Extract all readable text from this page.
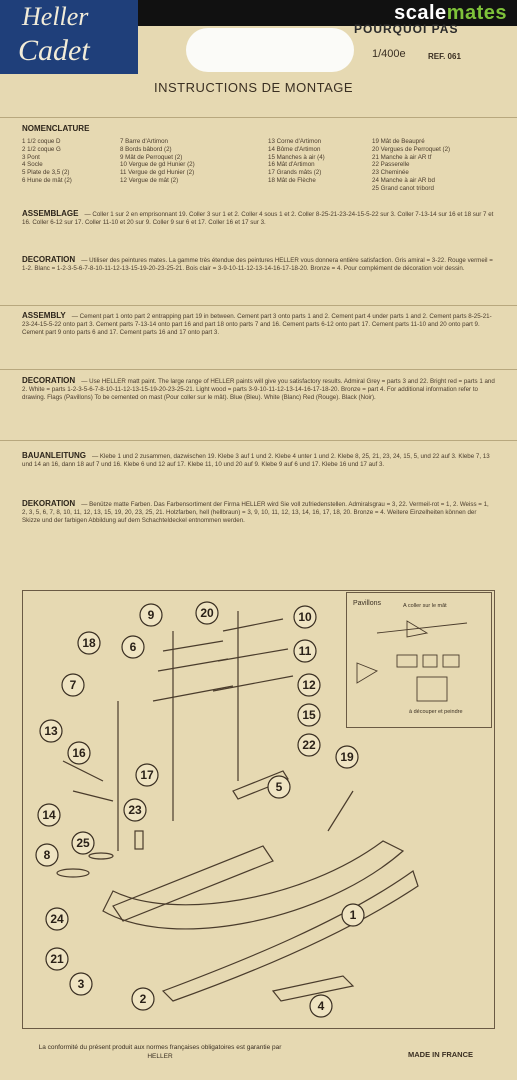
Heller
Cadet
scalemates
POURQUOI PAS
1/400e	REF. 061
INSTRUCTIONS DE MONTAGE
NOMENCLATURE
1 1/2 coque D
2 1/2 coque G
3 Pont
4 Socle
5 Plate de 3,5 (2)
6 Hune de mât (2)
7 Barre d'Artimon
8 Bords bâbord (2)
9 Mât de Perroquet (2)
10 Vergue de gd Hunier (2)
11 Vergue de gd Hunier (2)
12 Vergue de mât (2)
13 Corne d'Artimon
14 Bôme d'Artimon
15 Manches à air (4)
16 Mât d'Artimon
17 Grands mâts (2)
18 Mât de Flèche
19 Mât de Beaupré
20 Vergues de Perroquet (2)
21 Manche à air AR tf
22 Passerelle
23 Cheminée
24 Manche à air AR bd
25 Grand canot tribord
ASSEMBLAGE — Coller 1 sur 2 en emprisonnant 19. Coller 3 sur 1 et 2. Coller 4 sous 1 et 2. Coller 8-25-21-23-24-15-5-22 sur 3. Coller 7-13-14 sur 16 et 18 sur 7 et 16. Coller 6-12 sur 17. Coller 11-10 et 20 sur 9. Coller 9 sur 6 et 17. Coller 16 et 17 sur 3.
DECORATION — Utiliser des peintures mates. La gamme très étendue des peintures HELLER vous donnera entière satisfaction. Gris amiral = 3-22. Rouge vermeil = 1-2. Blanc = 1-2-3-5-6-7-8-10-11-12-13-15-19-20-23-25-21. Bois clair = 3-9-10-11-12-13-14-16-17-18-20. Bronze = 4. Pour complément de décoration voir dessin.
ASSEMBLY — Cement part 1 onto part 2 entrapping part 19 in between. Cement part 3 onto parts 1 and 2. Cement part 4 under parts 1 and 2. Cement parts 8-25-21-23-24-15-5-22 onto part 3. Cement parts 7-13-14 onto part 16 and part 18 onto parts 7 and 16. Cement parts 6-12 onto part 17. Cement parts 11-10 and 20 onto part 9. Cement part 9 onto parts 6 and 17. Cement parts 16 and 17 onto part 3.
DECORATION — Use HELLER matt paint. The large range of HELLER paints will give you satisfactory results. Admiral Grey = parts 3 and 22. Bright red = parts 1 and 2. White = parts 1-2-3-5-6-7-8-10-11-12-13-15-19-20-23-25-21. Light wood = parts 3-9-10-11-12-13-14-16-17-18-20. Bronze = part 4. For additional information refer to drawing. Flags (Pavillons) To be cemented on mast (Pour coller sur le mât). Blue (Bleu). White (Blanc) Red (Rouge). Black (Noir).
BAUANLEITUNG — Klebe 1 und 2 zusammen, dazwischen 19. Klebe 3 auf 1 und 2. Klebe 4 unter 1 und 2. Klebe 8, 25, 21, 23, 24, 15, 5, und 22 auf 3. Klebe 7, 13 und 14 an 16, dann 18 auf 7 und 16. Klebe 6 und 12 auf 17. Klebe 11, 10 und 20 auf 9. Klebe 9 auf 6 und 17. Klebe 16 und 17 auf 3.
DEKORATION — Benütze matte Farben. Das Farbensortiment der Firma HELLER wird Sie voll zufriedenstellen. Admiralsgrau = 3, 22. Vermeil-rot = 1, 2. Weiss = 1, 2, 3, 5, 6, 7, 8, 10, 11, 12, 13, 15, 19, 20, 23, 25, 21. Holzfarben, hell (hellbraun) = 3, 9, 10, 11, 12, 13, 14, 16, 17, 18, 20. Bronze = 4. Weitere Einzelheiten können der Skizze und der farbigen Abbildung auf dem Schachteldeckel entnommen werden.
9	20	10
6	11
18
12
7
15
22
13
16
17
19
14	23
5
25
8
24
21
3
1
2	4
Pavillons	A coller sur le mât
à découper et peindre
La conformité du présent produit aux normes françaises obligatoires est garantie par HELLER	MADE IN FRANCE
